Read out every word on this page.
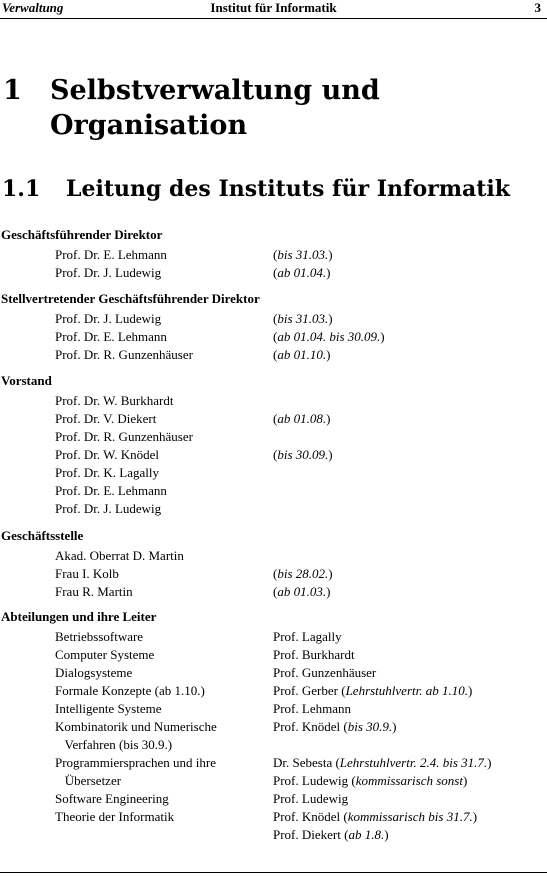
Verwaltung	Institut für Informatik	3
1 Selbstverwaltung und
Organisation
1.1 Leitung des Instituts für Informatik
Geschäftsführender Direktor
Prof. Dr. E. Lehmann	(bis 31.03.)
Prof. Dr. J. Ludewig	(ab 01.04.)
Stellvertretender Geschäftsführender Direktor
Prof. Dr. J. Ludewig	(bis 31.03.)
Prof. Dr. E. Lehmann	(ab 01.04. bis 30.09.)
Prof. Dr. R. Gunzenhäuser	(ab 01.10.)
Vorstand
Prof. Dr. W. Burkhardt
Prof. Dr. V. Diekert	(ab 01.08.)
Prof. Dr. R. Gunzenhäuser
Prof. Dr. W. Knödel	(bis 30.09.)
Prof. Dr. K. Lagally
Prof. Dr. E. Lehmann
Prof. Dr. J. Ludewig
Geschäftsstelle
Akad. Oberrat D. Martin
Frau I. Kolb	(bis 28.02.)
Frau R. Martin	(ab 01.03.)
Abteilungen und ihre Leiter
Betriebssoftware	Prof. Lagally
Computer Systeme	Prof. Burkhardt
Dialogsysteme	Prof. Gunzenhäuser
Formale Konzepte (ab 1.10.)	Prof. Gerber (Lehrstuhlvertr. ab 1.10.)
Intelligente Systeme	Prof. Lehmann
Kombinatorik und Numerische	Prof. Knödel (bis 30.9.)
Verfahren (bis 30.9.)
Programmiersprachen und ihre	Dr. Sebesta (Lehrstuhlvertr. 2.4. bis 31.7.)
Übersetzer	Prof. Ludewig (kommissarisch sonst)
Software Engineering	Prof. Ludewig
Theorie der Informatik	Prof. Knödel (kommissarisch bis 31.7.)
Prof. Diekert (ab 1.8.)
